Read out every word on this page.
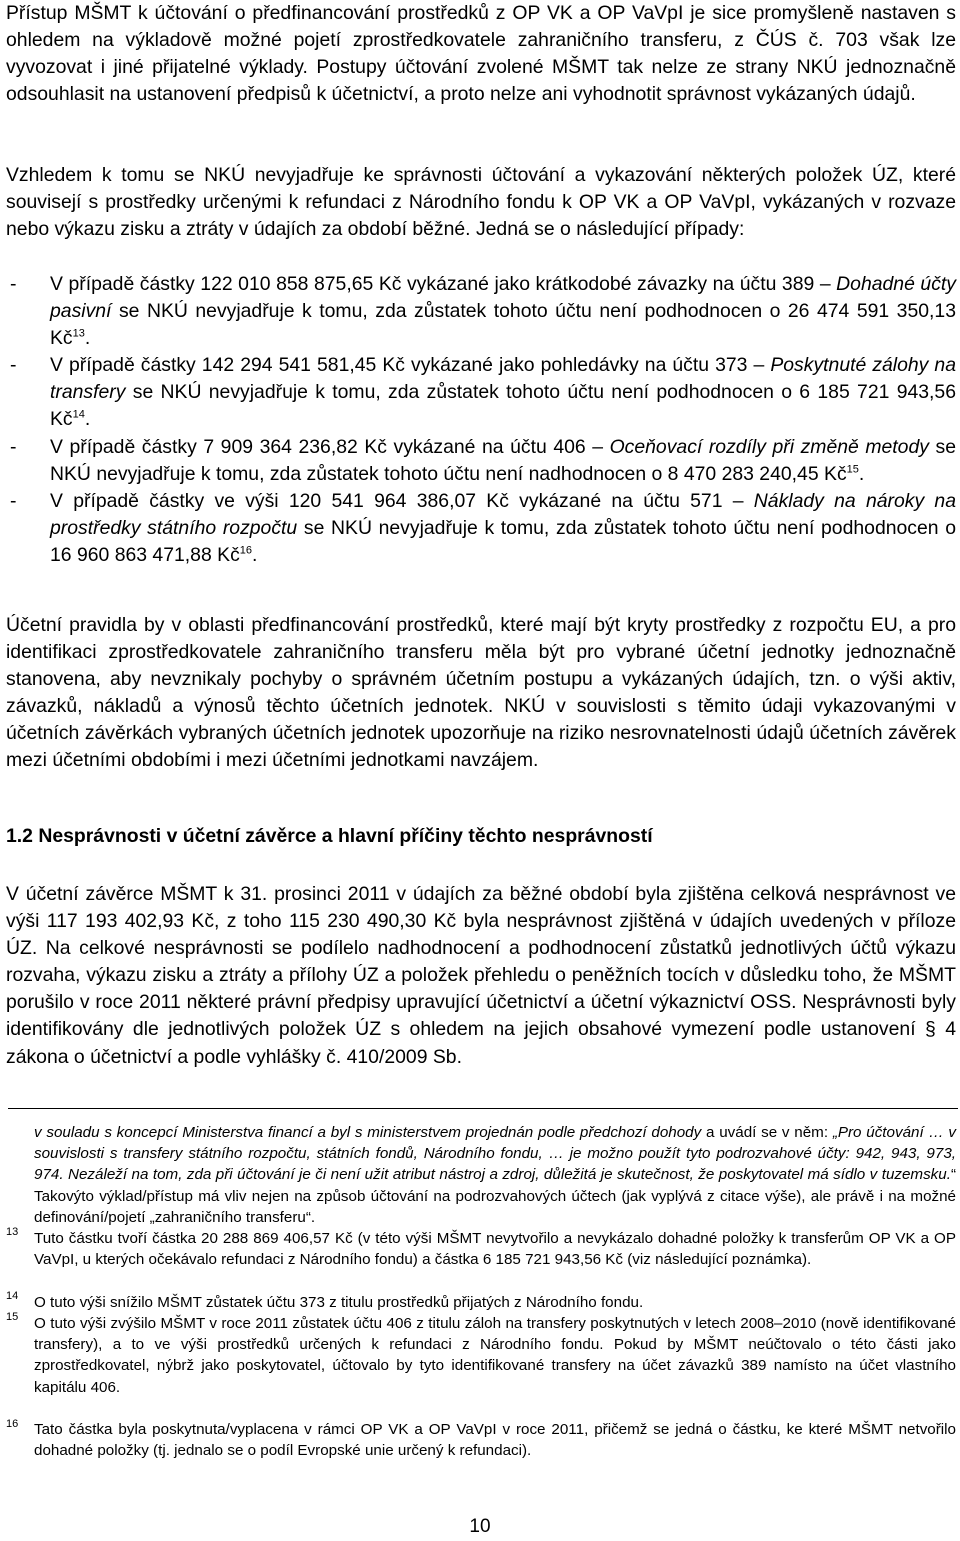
Přístup MŠMT k účtování o předfinancování prostředků z OP VK a OP VaVpI je sice promyšleně nastaven s ohledem na výkladově možné pojetí zprostředkovatele zahraničního transferu, z ČÚS č. 703 však lze vyvozovat i jiné přijatelné výklady. Postupy účtování zvolené MŠMT tak nelze ze strany NKÚ jednoznačně odsouhlasit na ustanovení předpisů k účetnictví, a proto nelze ani vyhodnotit správnost vykázaných údajů.

Vzhledem k tomu se NKÚ nevyjadřuje ke správnosti účtování a vykazování některých položek ÚZ, které souvisejí s prostředky určenými k refundaci z Národního fondu k OP VK a OP VaVpI, vykázaných v rozvaze nebo výkazu zisku a ztráty v údajích za období běžné. Jedná se o následující případy:

- V případě částky 122 010 858 875,65 Kč vykázané jako krátkodobé závazky na účtu 389 – Dohadné účty pasivní se NKÚ nevyjadřuje k tomu, zda zůstatek tohoto účtu není podhodnocen o 26 474 591 350,13 $Kč^{13}$.
- V případě částky 142 294 541 581,45 Kč vykázané jako pohledávky na účtu 373 – Poskytnuté zálohy na transfery se NKÚ nevyjadřuje k tomu, zda zůstatek tohoto účtu není podhodnocen o 6 185 721 943,56 $Kč^{14}$.
- V případě částky 7 909 364 236,82 Kč vykázané na účtu 406 – Oceňovací rozdíly při změně metody se NKÚ nevyjadřuje k tomu, zda zůstatek tohoto účtu není nadhodnocen o 8 470 283 240,45 $Kč^{15}$.
- V případě částky ve výši 120 541 964 386,07 Kč vykázané na účtu 571 – Náklady na nároky na prostředky státního rozpočtu se NKÚ nevyjadřuje k tomu, zda zůstatek tohoto účtu není podhodnocen o 16 960 863 471,88 $Kč^{16}$.

Účetní pravidla by v oblasti předfinancování prostředků, které mají být kryty prostředky z rozpočtu EU, a pro identifikaci zprostředkovatele zahraničního transferu měla být pro vybrané účetní jednotky jednoznačně stanovena, aby nevznikaly pochyby o správném účetním postupu a vykázaných údajích, tzn. o výši aktiv, závazků, nákladů a výnosů těchto účetních jednotek. NKÚ v souvislosti s těmito údaji vykazovanými v účetních závěrkách vybraných účetních jednotek upozorňuje na riziko nesrovnatelnosti údajů účetních závěrek mezi účetními obdobími i mezi účetními jednotkami navzájem.

1.2 Nesprávnosti v účetní závěrce a hlavní příčiny těchto nesprávností

V účetní závěrce MŠMT k 31. prosinci 2011 v údajích za běžné období byla zjištěna celková nesprávnost ve výši 117 193 402,93 Kč, z toho 115 230 490,30 Kč byla nesprávnost zjištěná v údajích uvedených v příloze ÚZ. Na celkové nesprávnosti se podílelo nadhodnocení a podhodnocení zůstatků jednotlivých účtů výkazu rozvaha, výkazu zisku a ztráty a přílohy ÚZ a položek přehledu o peněžních tocích v důsledku toho, že MŠMT porušilo v roce 2011 některé právní předpisy upravující účetnictví a účetní výkaznictví OSS. Nesprávnosti byly identifikovány dle jednotlivých položek ÚZ s ohledem na jejich obsahové vymezení podle ustanovení § 4 zákona o účetnictví a podle vyhlášky č. 410/2009 Sb.

v souladu s koncepcí Ministerstva financí a byl s ministerstvem projednán podle předchozí dohody a uvádí se v něm: „Pro účtování … v souvislosti s transfery státního rozpočtu, státních fondů, Národního fondu, … je možno použít tyto podrozvahové účty: 942, 943, 973, 974. Nezáleží na tom, zda při účtování je či není užit atribut nástroj a zdroj, důležitá je skutečnost, že poskytovatel má sídlo v tuzemsku.“ Takovýto výklad/přístup má vliv nejen na způsob účtování na podrozvahových účtech (jak vyplývá z citace výše), ale právě i na možné definování/pojetí „zahraničního transferu“.
13 Tuto částku tvoří částka 20 288 869 406,57 Kč (v této výši MŠMT nevytvořilo a nevykázalo dohadné položky k transferům OP VK a OP VaVpI, u kterých očekávalo refundaci z Národního fondu) a částka 6 185 721 943,56 Kč (viz následující poznámka).
14 O tuto výši snížilo MŠMT zůstatek účtu 373 z titulu prostředků přijatých z Národního fondu.
15 O tuto výši zvýšilo MŠMT v roce 2011 zůstatek účtu 406 z titulu záloh na transfery poskytnutých v letech 2008–2010 (nově identifikované transfery), a to ve výši prostředků určených k refundaci z Národního fondu. Pokud by MŠMT neúčtovalo o této části jako zprostředkovatel, nýbrž jako poskytovatel, účtovalo by tyto identifikované transfery na účet závazků 389 namísto na účet vlastního kapitálu 406.
16 Tato částka byla poskytnuta/vyplacena v rámci OP VK a OP VaVpI v roce 2011, přičemž se jedná o částku, ke které MŠMT netvořilo dohadné položky (tj. jednalo se o podíl Evropské unie určený k refundaci).
10
